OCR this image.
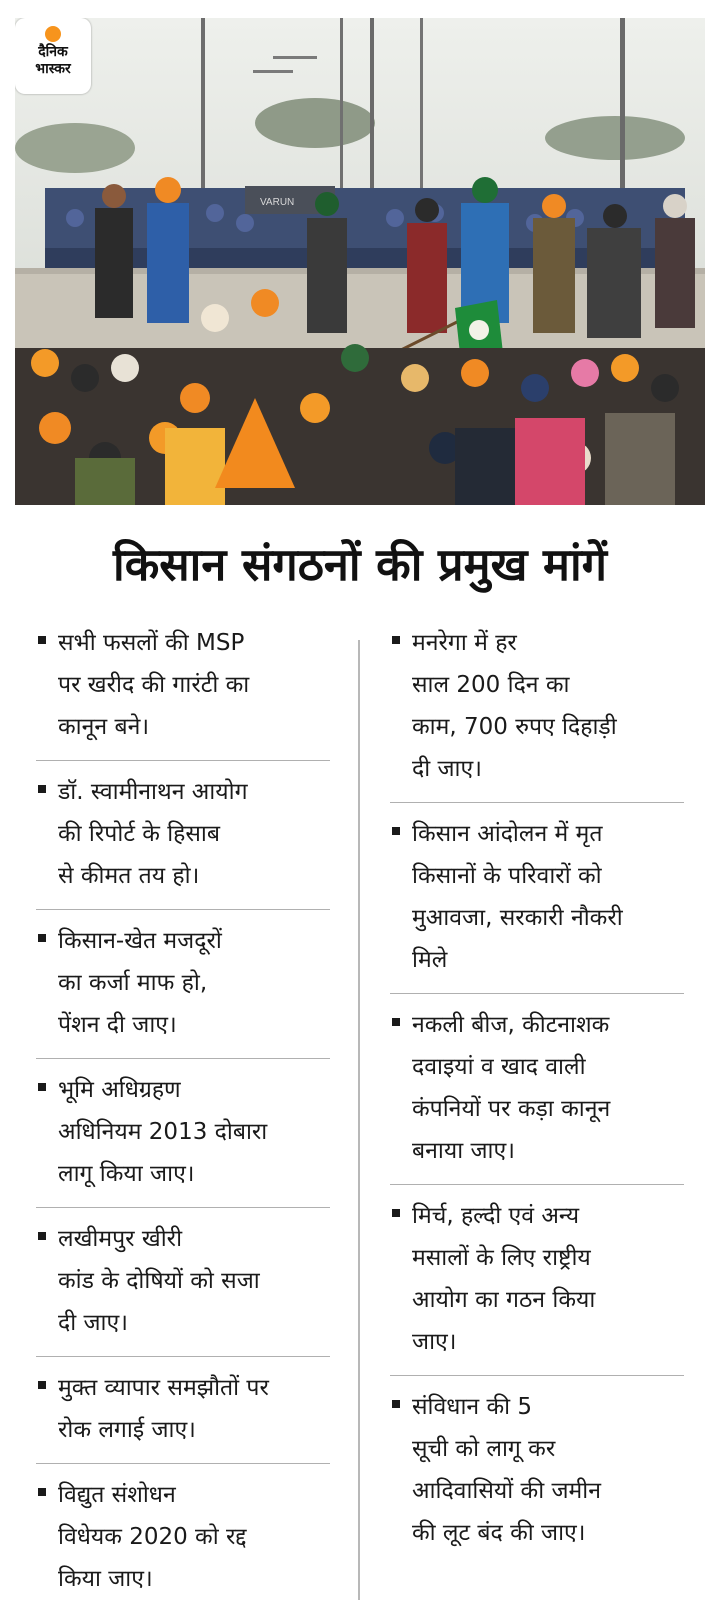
VARUN
दैनिक
भास्कर
किसान संगठनों की प्रमुख मांगें
सभी फसलों की MSP
पर खरीद की गारंटी का
कानून बने।
डॉ. स्वामीनाथन आयोग
की रिपोर्ट के हिसाब
से कीमत तय हो।
किसान-खेत मजदूरों
का कर्जा माफ हो,
पेंशन दी जाए।
भूमि अधिग्रहण
अधिनियम 2013 दोबारा
लागू किया जाए।
लखीमपुर खीरी
कांड के दोषियों को सजा
दी जाए।
मुक्त व्यापार समझौतों पर
रोक लगाई जाए।
विद्युत संशोधन
विधेयक 2020 को रद्द
किया जाए।
मनरेगा में हर
साल 200 दिन का
काम, 700 रुपए दिहाड़ी
दी जाए।
किसान आंदोलन में मृत
किसानों के परिवारों को
मुआवजा, सरकारी नौकरी
मिले
नकली बीज, कीटनाशक
दवाइयां व खाद वाली
कंपनियों पर कड़ा कानून
बनाया जाए।
मिर्च, हल्दी एवं अन्य
मसालों के लिए राष्ट्रीय
आयोग का गठन किया
जाए।
संविधान की 5
सूची को लागू कर
आदिवासियों की जमीन
की लूट बंद की जाए।
